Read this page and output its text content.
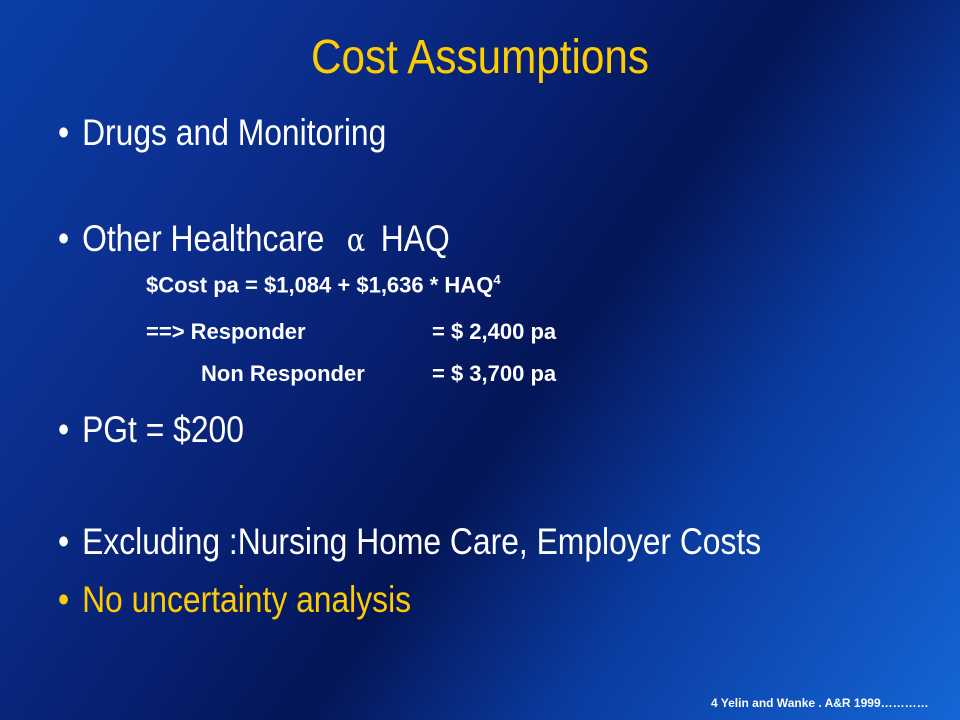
Cost Assumptions
• Drugs and Monitoring
• Other Healthcare α HAQ
$Cost pa = $1,084 + $1,636 * $HAQ^4$
==> Responder	= $ 2,400 pa
Non Responder	= $ 3,700 pa
• PGt = $200
• Excluding :Nursing Home Care, Employer Costs
• No uncertainty analysis
4 Yelin and Wanke . A&R 1999…………
